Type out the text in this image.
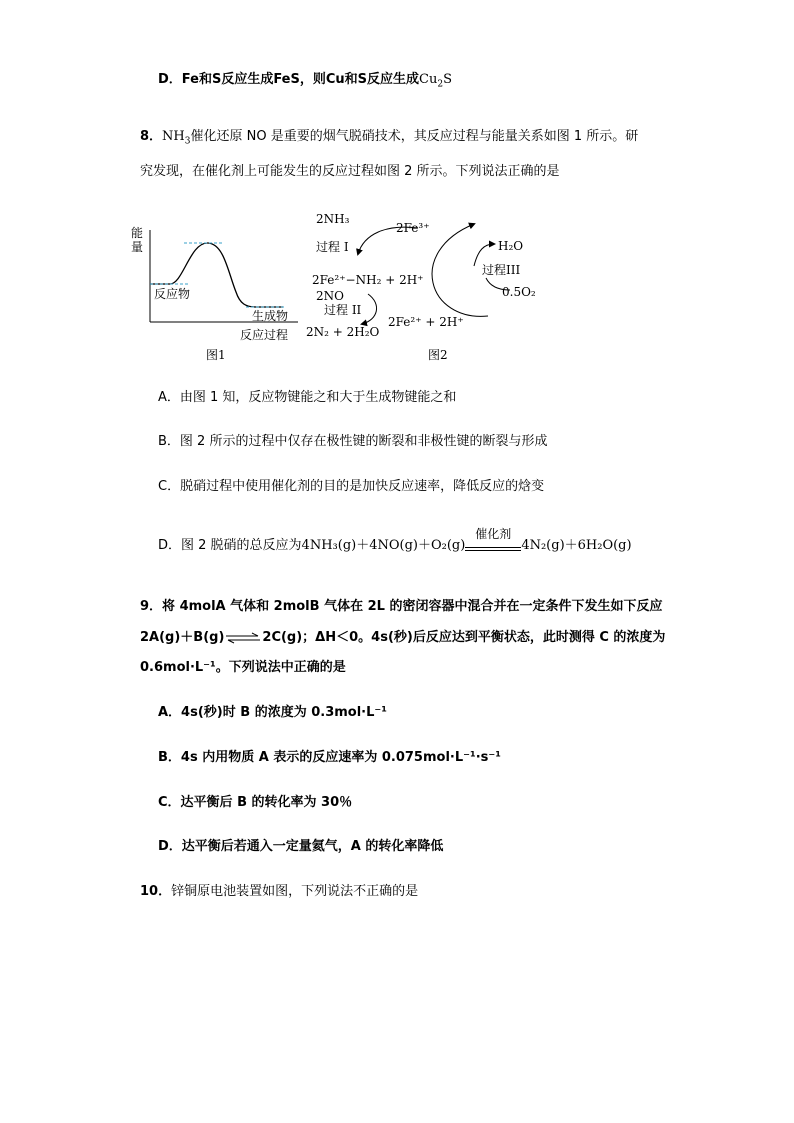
D．Fe和S反应生成FeS，则Cu和S反应生成$Cu_2S$
8．$NH_3$催化还原 NO 是重要的烟气脱硝技术，其反应过程与能量关系如图 1 所示。研
究发现，在催化剂上可能发生的反应过程如图 2 所示。下列说法正确的是
能
量
反应物
生成物
反应过程
图1
2NH₃
过程 I
2Fe³⁺
H₂O
过程III
0.5O₂
2Fe²⁺−NH₂ + 2H⁺
2NO
过程 II
2Fe²⁺ + 2H⁺
2N₂ + 2H₂O
图2
A．由图 1 知，反应物键能之和大于生成物键能之和
B．图 2 所示的过程中仅存在极性键的断裂和非极性键的断裂与形成
C．脱硝过程中使用催化剂的目的是加快反应速率，降低反应的焓变
D．图 2 脱硝的总反应为4NH₃(g)＋4NO(g)＋O₂(g)
催化剂
4N₂(g)＋6H₂O(g)
9．将 4molA 气体和 2molB 气体在 2L 的密闭容器中混合并在一定条件下发生如下反应
2A(g)＋B(g)⇌2C(g)；ΔH＜0。4s(秒)后反应达到平衡状态，此时测得 C 的浓度为
0.6mol·L⁻¹。下列说法中正确的是
A．4s(秒)时 B 的浓度为 0.3mol·L⁻¹
B．4s 内用物质 A 表示的反应速率为 0.075mol·L⁻¹·s⁻¹
C．达平衡后 B 的转化率为 30％
D．达平衡后若通入一定量氦气，A 的转化率降低
10．锌铜原电池装置如图，下列说法不正确的是
